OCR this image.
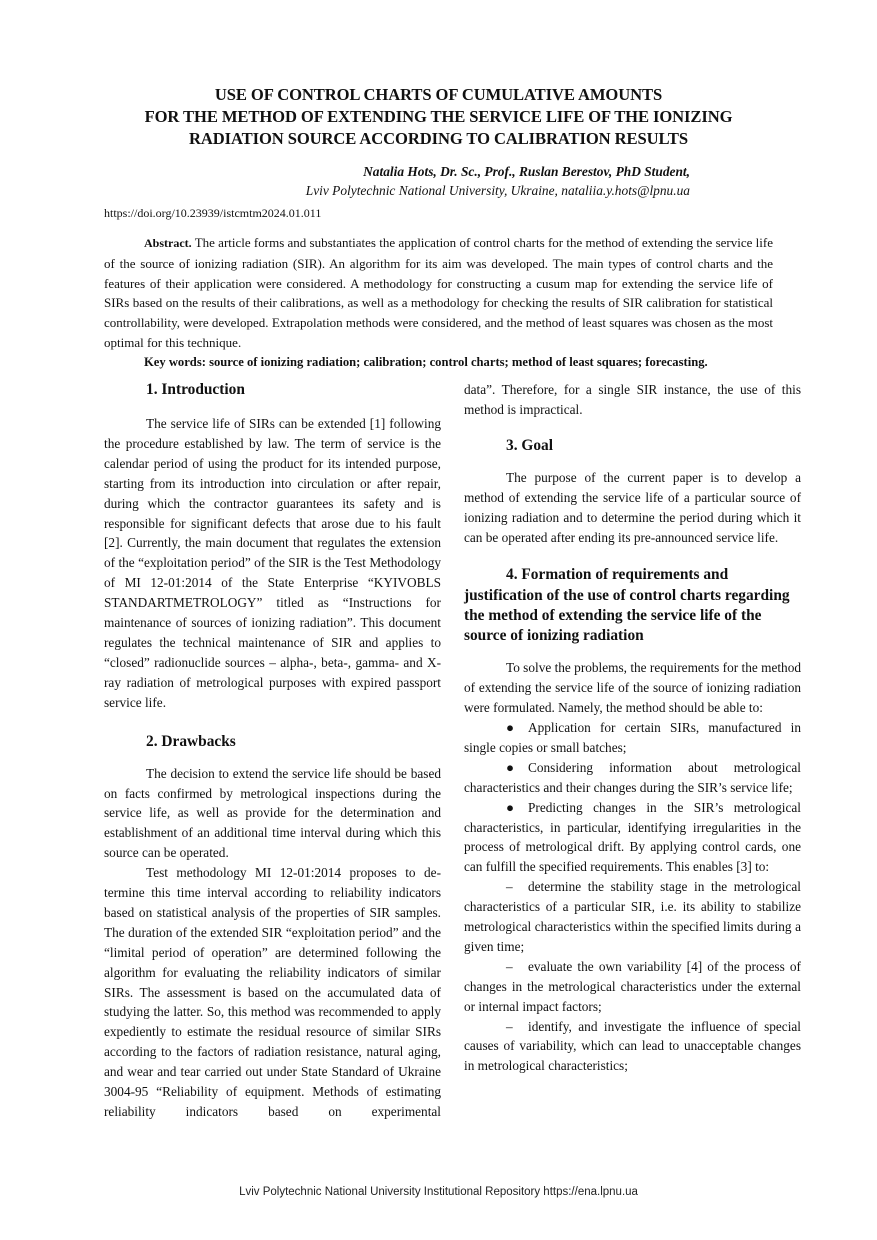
USE OF CONTROL CHARTS OF CUMULATIVE AMOUNTS
FOR THE METHOD OF EXTENDING THE SERVICE LIFE OF THE IONIZING
RADIATION SOURCE ACCORDING TO CALIBRATION RESULTS
Natalia Hots, Dr. Sc., Prof., Ruslan Berestov, PhD Student,
Lviv Polytechnic National University, Ukraine, nataliia.y.hots@lpnu.ua
https://doi.org/10.23939/istcmtm2024.01.011

Abstract. The article forms and substantiates the application of control charts for the method of extending the service life of the source of ionizing radiation (SIR). An algorithm for its aim was developed. The main types of control charts and the features of their application were considered. A methodology for constructing a cusum map for extending the service life of SIRs based on the results of their calibrations, as well as a methodology for checking the results of SIR calibration for statistical controllability, were developed. Extrapolation methods were considered, and the method of least squares was chosen as the most optimal for this technique.

Key words: source of ionizing radiation; calibration; control charts; method of least squares; forecasting.

1. Introduction

The service life of SIRs can be extended [1] following the procedure established by law. The term of service is the calendar period of using the product for its intended purpose, starting from its introduction into circulation or after repair, during which the contractor guarantees its safety and is responsible for significant defects that arose due to his fault [2]. Currently, the main document that regulates the extension of the “exploitation period” of the SIR is the Test Methodology of MI 12-01:2014 of the State Enterprise “KYIVOBLS STANDARTMETROLOGY” titled as “Instructions for maintenance of sources of ionizing radiation”. This document regulates the technical maintenance of SIR and applies to “closed” radionuclide sources – alpha-, beta-, gamma- and X-ray radiation of metrological purposes with expired passport service life.

2. Drawbacks

The decision to extend the service life should be based on facts confirmed by metrological inspections during the service life, as well as provide for the determination and establishment of an additional time interval during which this source can be operated.

Test methodology MI 12-01:2014 proposes to determine this time interval according to reliability indicators based on statistical analysis of the properties of SIR samples. The duration of the extended SIR “exploitation period” and the “limital period of operation” are determined following the algorithm for evaluating the reliability indicators of similar SIRs. The assessment is based on the accumulated data of studying the latter. So, this method was recommended to apply expediently to estimate the residual resource of similar SIRs according to the factors of radiation resistance, natural aging, and wear and tear carried out under State Standard of Ukraine 3004-95 “Reliability of equipment. Methods of estimating reliability indicators based on experimental

data”. Therefore, for a single SIR instance, the use of this method is impractical.

3. Goal

The purpose of the current paper is to develop a method of extending the service life of a particular source of ionizing radiation and to determine the period during which it can be operated after ending its pre-announced service life.

4. Formation of requirements and justification of the use of control charts regarding the method of extending the service life of the source of ionizing radiation

To solve the problems, the requirements for the method of extending the service life of the source of ionizing radiation were formulated. Namely, the method should be able to:

● Application for certain SIRs, manufactured in single copies or small batches;

● Considering information about metrological characteristics and their changes during the SIR’s service life;

● Predicting changes in the SIR’s metrological characteristics, in particular, identifying irregularities in the process of metrological drift. By applying control cards, one can fulfill the specified requirements. This enables [3] to:

– determine the stability stage in the metrological characteristics of a particular SIR, i.e. its ability to stabilize metrological characteristics within the specified limits during a given time;

– evaluate the own variability [4] of the process of changes in the metrological characteristics under the external or internal impact factors;

– identify, and investigate the influence of special causes of variability, which can lead to unacceptable changes in metrological characteristics;

Lviv Polytechnic National University Institutional Repository https://ena.lpnu.ua
